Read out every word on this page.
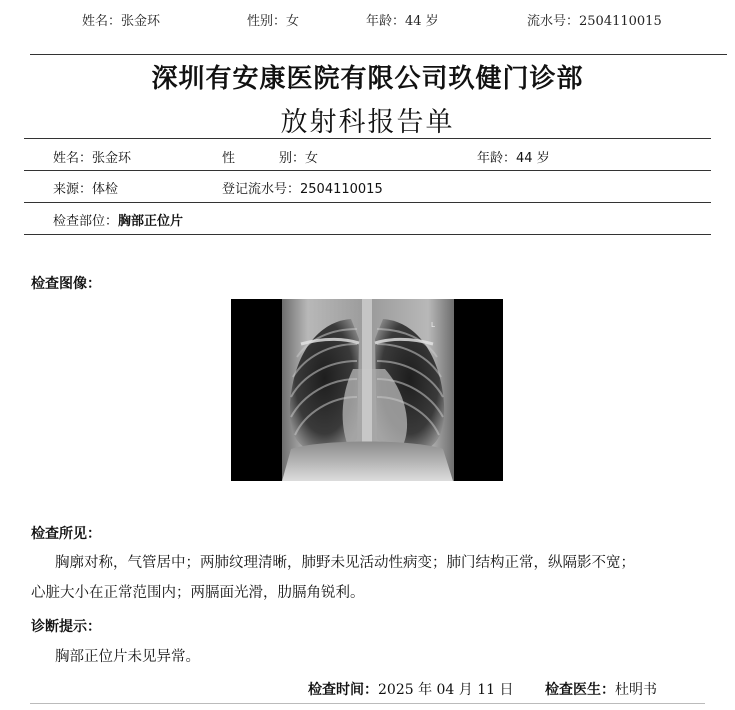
姓名：张金环	性别：女	年龄：44 岁	流水号：2504110015
深圳有安康医院有限公司玖健门诊部
放射科报告单
姓名：张金环	性	别：女	年龄：44 岁
来源：体检	登记流水号：2504110015
检查部位：胸部正位片
检查图像：
L
检查所见：
胸廓对称，气管居中；两肺纹理清晰，肺野未见活动性病变；肺门结构正常，纵隔影不宽；
心脏大小在正常范围内；两膈面光滑，肋膈角锐利。
诊断提示：
胸部正位片未见异常。
检查时间：2025 年 04 月 11 日 检查医生：杜明书
